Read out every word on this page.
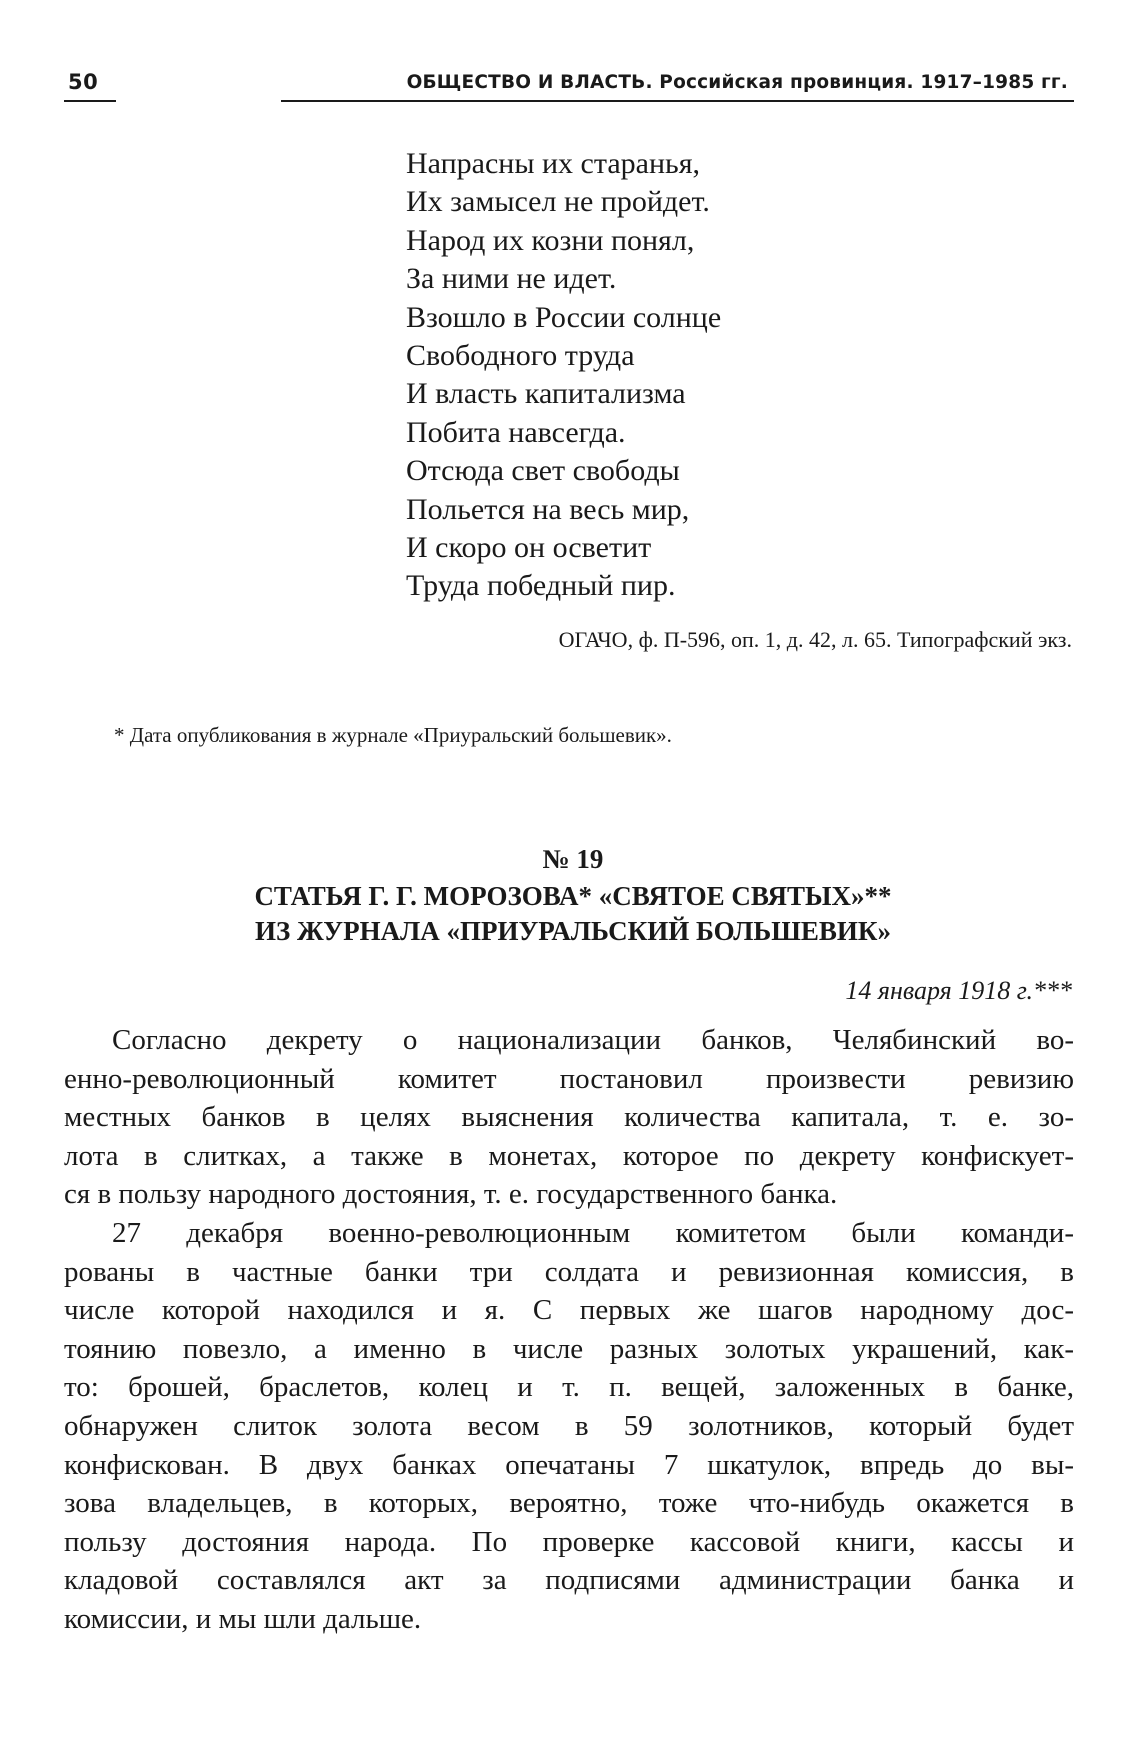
50	ОБЩЕСТВО И ВЛАСТЬ. Российская провинция. 1917–1985 гг.
Напрасны их старанья,
Их замысел не пройдет.
Народ их козни понял,
За ними не идет.
Взошло в России солнце
Свободного труда
И власть капитализма
Побита навсегда.
Отсюда свет свободы
Польется на весь мир,
И скоро он осветит
Труда победный пир.
ОГАЧО, ф. П-596, оп. 1, д. 42, л. 65. Типографский экз.
* Дата опубликования в журнале «Приуральский большевик».
№ 19
СТАТЬЯ Г. Г. МОРОЗОВА* «СВЯТОЕ СВЯТЫХ»**
ИЗ ЖУРНАЛА «ПРИУРАЛЬСКИЙ БОЛЬШЕВИК»
14 января 1918 г.***
Согласно декрету о национализации банков, Челябинский во-
енно-революционный комитет постановил произвести ревизию
местных банков в целях выяснения количества капитала, т. е. зо-
лота в слитках, а также в монетах, которое по декрету конфискует-
ся в пользу народного достояния, т. е. государственного банка.
27 декабря военно-революционным комитетом были команди-
рованы в частные банки три солдата и ревизионная комиссия, в
числе которой находился и я. С первых же шагов народному дос-
тоянию повезло, а именно в числе разных золотых украшений, как-
то: брошей, браслетов, колец и т. п. вещей, заложенных в банке,
обнаружен слиток золота весом в 59 золотников, который будет
конфискован. В двух банках опечатаны 7 шкатулок, впредь до вы-
зова владельцев, в которых, вероятно, тоже что-нибудь окажется в
пользу достояния народа. По проверке кассовой книги, кассы и
кладовой составлялся акт за подписями администрации банка и
комиссии, и мы шли дальше.
